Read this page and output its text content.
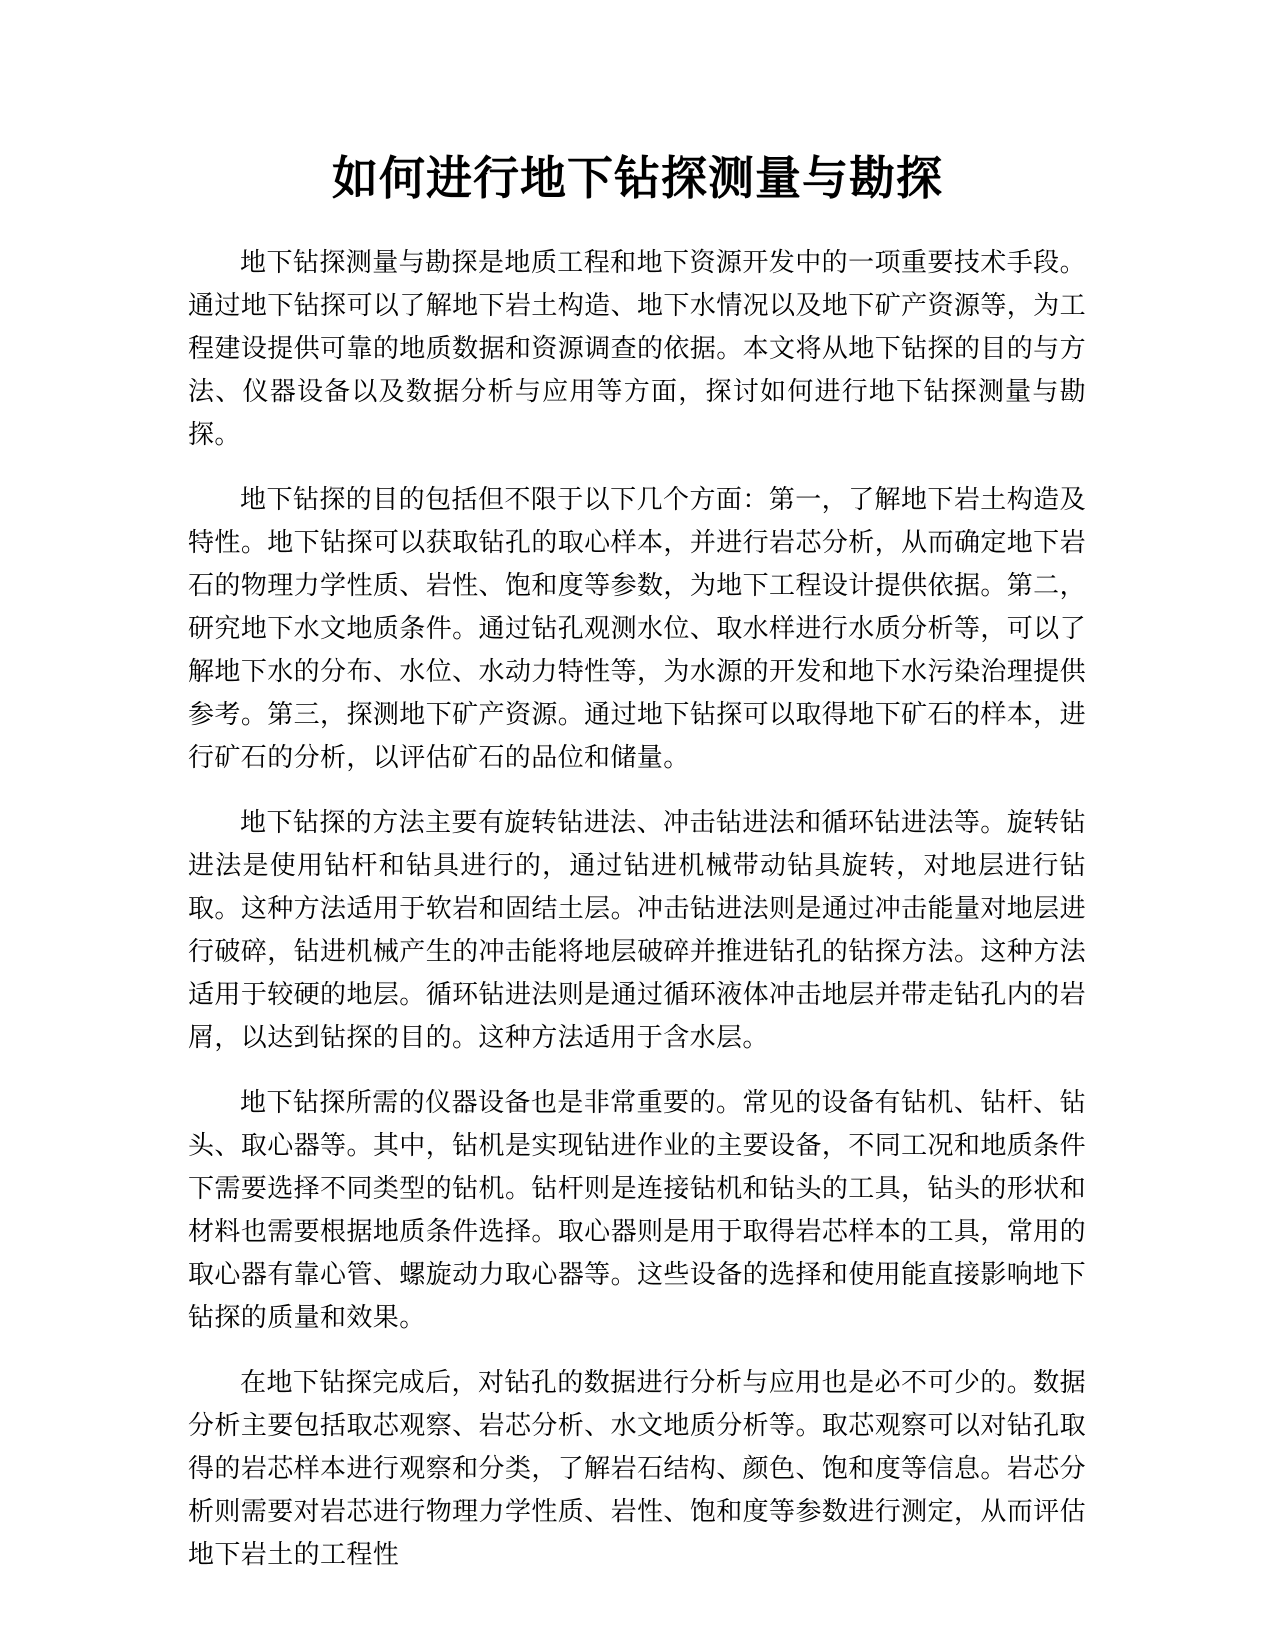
如何进行地下钻探测量与勘探

地下钻探测量与勘探是地质工程和地下资源开发中的一项重要技术手段。通过地下钻探可以了解地下岩土构造、地下水情况以及地下矿产资源等，为工程建设提供可靠的地质数据和资源调查的依据。本文将从地下钻探的目的与方法、仪器设备以及数据分析与应用等方面，探讨如何进行地下钻探测量与勘探。

地下钻探的目的包括但不限于以下几个方面：第一，了解地下岩土构造及特性。地下钻探可以获取钻孔的取心样本，并进行岩芯分析，从而确定地下岩石的物理力学性质、岩性、饱和度等参数，为地下工程设计提供依据。第二，研究地下水文地质条件。通过钻孔观测水位、取水样进行水质分析等，可以了解地下水的分布、水位、水动力特性等，为水源的开发和地下水污染治理提供参考。第三，探测地下矿产资源。通过地下钻探可以取得地下矿石的样本，进行矿石的分析，以评估矿石的品位和储量。

地下钻探的方法主要有旋转钻进法、冲击钻进法和循环钻进法等。旋转钻进法是使用钻杆和钻具进行的，通过钻进机械带动钻具旋转，对地层进行钻取。这种方法适用于软岩和固结土层。冲击钻进法则是通过冲击能量对地层进行破碎，钻进机械产生的冲击能将地层破碎并推进钻孔的钻探方法。这种方法适用于较硬的地层。循环钻进法则是通过循环液体冲击地层并带走钻孔内的岩屑，以达到钻探的目的。这种方法适用于含水层。

地下钻探所需的仪器设备也是非常重要的。常见的设备有钻机、钻杆、钻头、取心器等。其中，钻机是实现钻进作业的主要设备，不同工况和地质条件下需要选择不同类型的钻机。钻杆则是连接钻机和钻头的工具，钻头的形状和材料也需要根据地质条件选择。取心器则是用于取得岩芯样本的工具，常用的取心器有靠心管、螺旋动力取心器等。这些设备的选择和使用能直接影响地下钻探的质量和效果。

在地下钻探完成后，对钻孔的数据进行分析与应用也是必不可少的。数据分析主要包括取芯观察、岩芯分析、水文地质分析等。取芯观察可以对钻孔取得的岩芯样本进行观察和分类，了解岩石结构、颜色、饱和度等信息。岩芯分析则需要对岩芯进行物理力学性质、岩性、饱和度等参数进行测定，从而评估地下岩土的工程性
